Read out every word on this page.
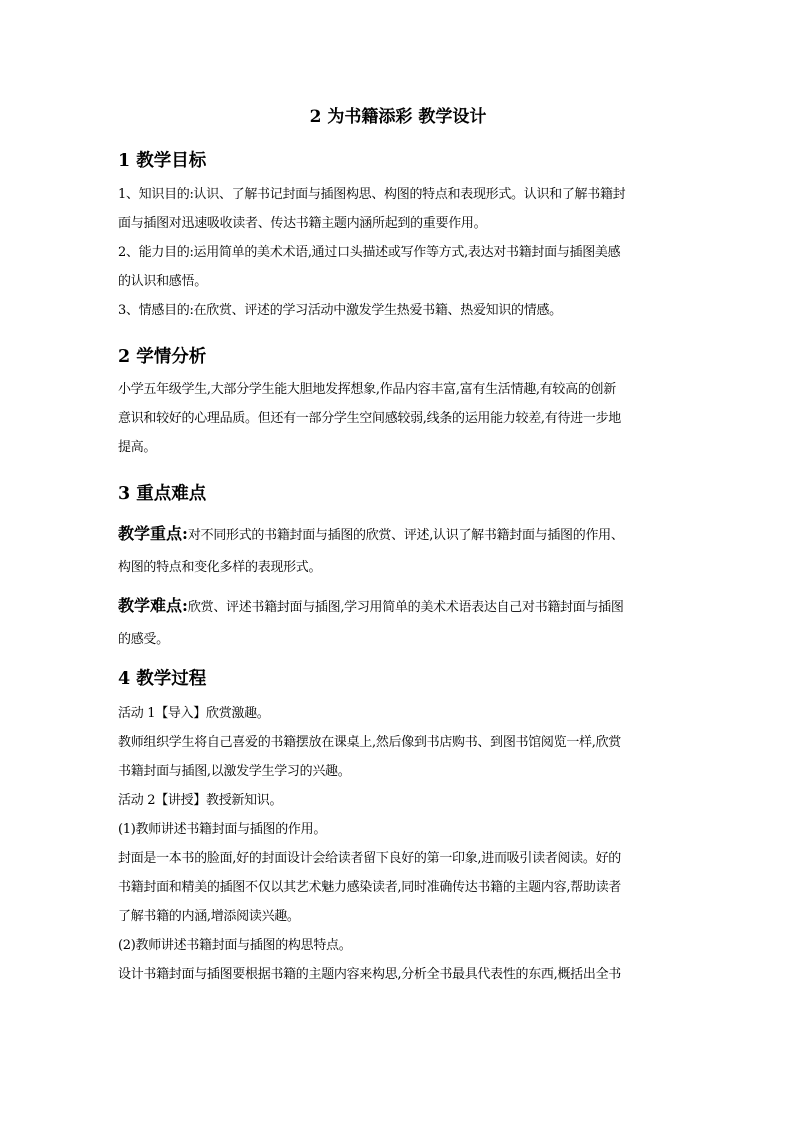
2 为书籍添彩 教学设计
1 教学目标
1、知识目的:认识、了解书记封面与插图构思、构图的特点和表现形式。认识和了解书籍封
面与插图对迅速吸收读者、传达书籍主题内涵所起到的重要作用。
2、能力目的:运用简单的美术术语,通过口头描述或写作等方式,表达对书籍封面与插图美感
的认识和感悟。
3、情感目的:在欣赏、评述的学习活动中激发学生热爱书籍、热爱知识的情感。
2 学情分析
小学五年级学生,大部分学生能大胆地发挥想象,作品内容丰富,富有生活情趣,有较高的创新
意识和较好的心理品质。但还有一部分学生空间感较弱,线条的运用能力较差,有待进一步地
提高。
3 重点难点
教学重点:对不同形式的书籍封面与插图的欣赏、评述,认识了解书籍封面与插图的作用、
构图的特点和变化多样的表现形式。
教学难点:欣赏、评述书籍封面与插图,学习用简单的美术术语表达自己对书籍封面与插图
的感受。
4 教学过程
活动 1【导入】欣赏激趣。
教师组织学生将自己喜爱的书籍摆放在课桌上,然后像到书店购书、到图书馆阅览一样,欣赏
书籍封面与插图,以激发学生学习的兴趣。
活动 2【讲授】教授新知识。
(1)教师讲述书籍封面与插图的作用。
封面是一本书的脸面,好的封面设计会给读者留下良好的第一印象,进而吸引读者阅读。好的
书籍封面和精美的插图不仅以其艺术魅力感染读者,同时准确传达书籍的主题内容,帮助读者
了解书籍的内涵,增添阅读兴趣。
(2)教师讲述书籍封面与插图的构思特点。
设计书籍封面与插图要根据书籍的主题内容来构思,分析全书最具代表性的东西,概括出全书
